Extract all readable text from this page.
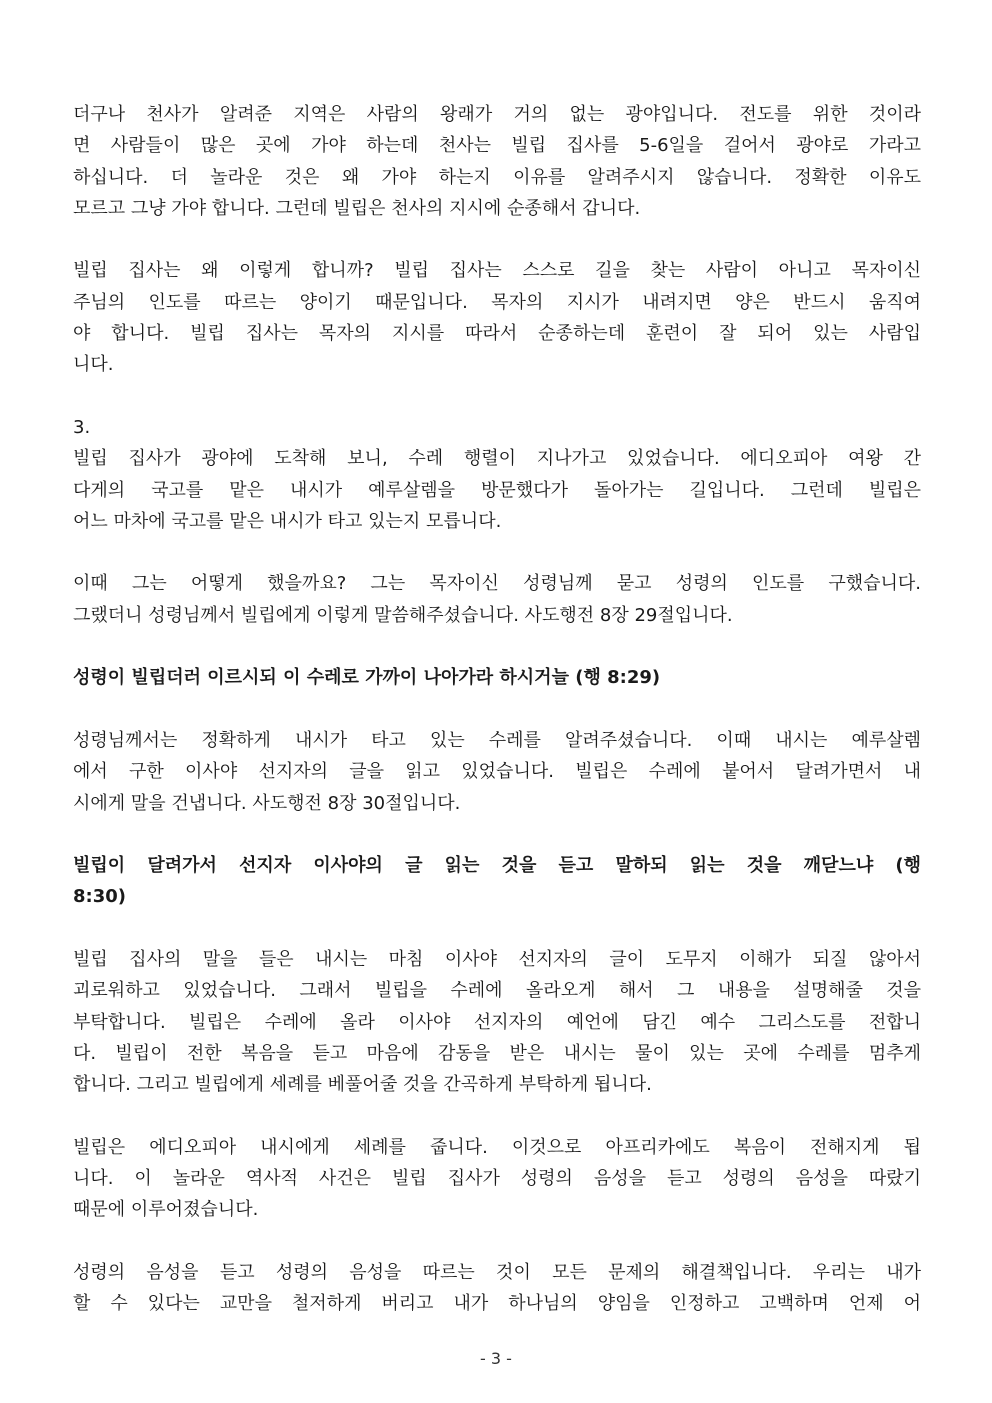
더구나 천사가 알려준 지역은 사람의 왕래가 거의 없는 광야입니다. 전도를 위한 것이라
면 사람들이 많은 곳에 가야 하는데 천사는 빌립 집사를 5-6일을 걸어서 광야로 가라고
하십니다. 더 놀라운 것은 왜 가야 하는지 이유를 알려주시지 않습니다. 정확한 이유도
모르고 그냥 가야 합니다. 그런데 빌립은 천사의 지시에 순종해서 갑니다.
빌립 집사는 왜 이렇게 합니까? 빌립 집사는 스스로 길을 찾는 사람이 아니고 목자이신
주님의 인도를 따르는 양이기 때문입니다. 목자의 지시가 내려지면 양은 반드시 움직여
야 합니다. 빌립 집사는 목자의 지시를 따라서 순종하는데 훈련이 잘 되어 있는 사람입
니다.
3.
빌립 집사가 광야에 도착해 보니, 수레 행렬이 지나가고 있었습니다. 에디오피아 여왕 간
다게의 국고를 맡은 내시가 예루살렘을 방문했다가 돌아가는 길입니다. 그런데 빌립은
어느 마차에 국고를 맡은 내시가 타고 있는지 모릅니다.
이때 그는 어떻게 했을까요? 그는 목자이신 성령님께 묻고 성령의 인도를 구했습니다.
그랬더니 성령님께서 빌립에게 이렇게 말씀해주셨습니다. 사도행전 8장 29절입니다.
성령이 빌립더러 이르시되 이 수레로 가까이 나아가라 하시거늘 (행 8:29)
성령님께서는 정확하게 내시가 타고 있는 수레를 알려주셨습니다. 이때 내시는 예루살렘
에서 구한 이사야 선지자의 글을 읽고 있었습니다. 빌립은 수레에 붙어서 달려가면서 내
시에게 말을 건냅니다. 사도행전 8장 30절입니다.
빌립이 달려가서 선지자 이사야의 글 읽는 것을 듣고 말하되 읽는 것을 깨닫느냐 (행
8:30)
빌립 집사의 말을 들은 내시는 마침 이사야 선지자의 글이 도무지 이해가 되질 않아서
괴로워하고 있었습니다. 그래서 빌립을 수레에 올라오게 해서 그 내용을 설명해줄 것을
부탁합니다. 빌립은 수레에 올라 이사야 선지자의 예언에 담긴 예수 그리스도를 전합니
다. 빌립이 전한 복음을 듣고 마음에 감동을 받은 내시는 물이 있는 곳에 수레를 멈추게
합니다. 그리고 빌립에게 세례를 베풀어줄 것을 간곡하게 부탁하게 됩니다.
빌립은 에디오피아 내시에게 세례를 줍니다. 이것으로 아프리카에도 복음이 전해지게 됩
니다. 이 놀라운 역사적 사건은 빌립 집사가 성령의 음성을 듣고 성령의 음성을 따랐기
때문에 이루어졌습니다.
성령의 음성을 듣고 성령의 음성을 따르는 것이 모든 문제의 해결책입니다. 우리는 내가
할 수 있다는 교만을 철저하게 버리고 내가 하나님의 양임을 인정하고 고백하며 언제 어
- 3 -
